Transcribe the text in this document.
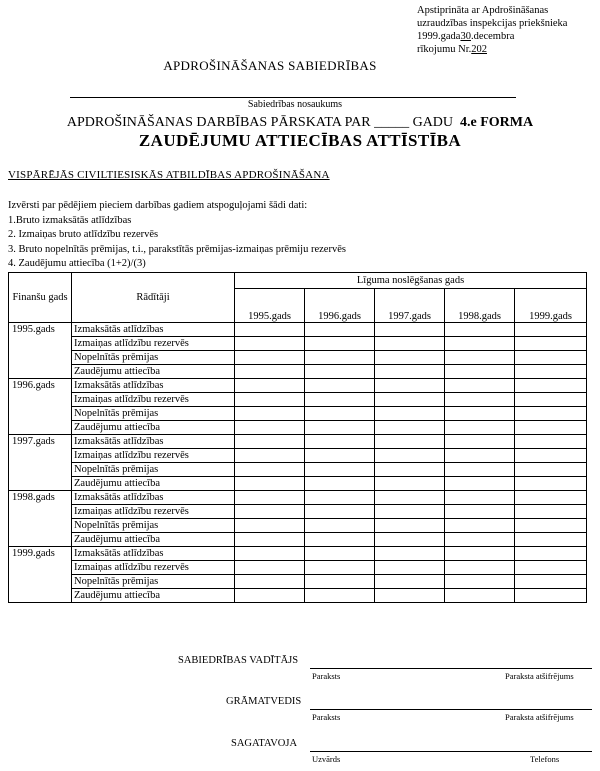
Apstiprināta ar Apdrošināšanas
uzraudzības inspekcijas priekšnieka
1999.gada30.decembra
rīkojumu Nr.202
APDROŠINĀŠANAS SABIEDRĪBAS
Sabiedrības nosaukums
APDROŠINĀŠANAS DARBĪBAS PĀRSKATA PAR _____ GADU 4.e FORMA
ZAUDĒJUMU ATTIECĪBAS ATTĪSTĪBA
VISPĀRĒJĀS CIVILTIESISKĀS ATBILDĪBAS APDROŠINĀŠANA
Izvērsti par pēdējiem pieciem darbības gadiem atspoguļojami šādi dati:
1.Bruto izmaksātās atlīdzības
2. Izmaiņas bruto atlīdzību rezervēs
3. Bruto nopelnītās prēmijas, t.i., parakstītās prēmijas-izmaiņas prēmiju rezervēs
4. Zaudējumu attiecība (1+2)/(3)
Finanšu gads	Rādītāji	Līguma noslēgšanas gads				
		1995.gads	1996.gads	1997.gads	1998.gads	1999.gads
1995.gads	Izmaksātās atlīdzības					
	Izmaiņas atlīdzību rezervēs					
	Nopelnītās prēmijas					
	Zaudējumu attiecība					
1996.gads	Izmaksātās atlīdzības					
	Izmaiņas atlīdzību rezervēs					
	Nopelnītās prēmijas					
	Zaudējumu attiecība					
1997.gads	Izmaksātās atlīdzības					
	Izmaiņas atlīdzību rezervēs					
	Nopelnītās prēmijas					
	Zaudējumu attiecība					
1998.gads	Izmaksātās atlīdzības					
	Izmaiņas atlīdzību rezervēs					
	Nopelnītās prēmijas					
	Zaudējumu attiecība					
1999.gads	Izmaksātās atlīdzības					
	Izmaiņas atlīdzību rezervēs					
	Nopelnītās prēmijas					
	Zaudējumu attiecība					
SABIEDRĪBAS VADĪTĀJS
Paraksts	Paraksta atšifrējums
GRĀMATVEDIS
Paraksts	Paraksta atšifrējums
SAGATAVOJA
Uzvārds	Telefons
